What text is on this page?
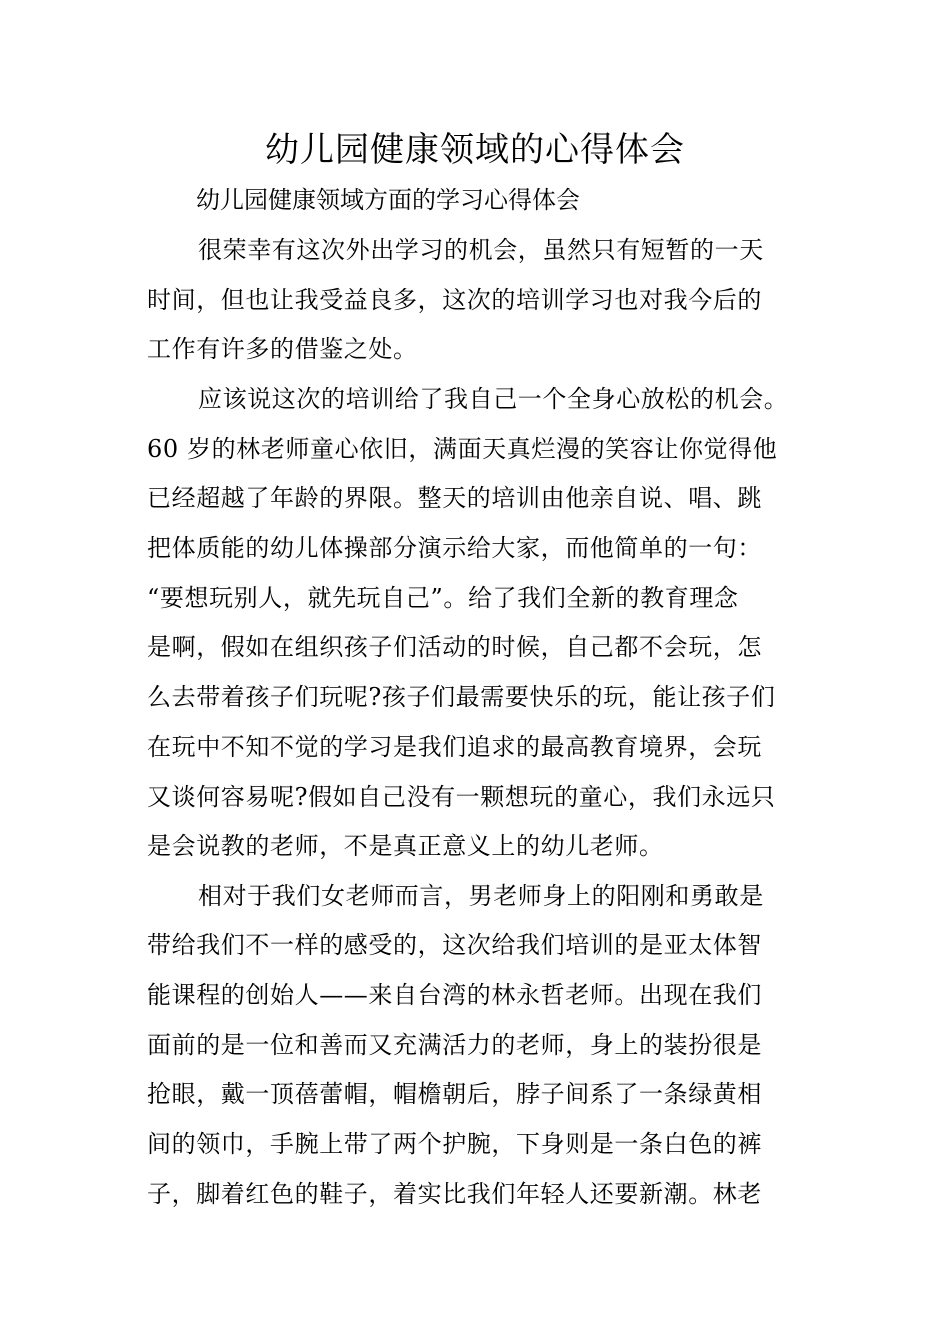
幼儿园健康领域的心得体会

幼儿园健康领域方面的学习心得体会

很荣幸有这次外出学习的机会，虽然只有短暂的一天

时间，但也让我受益良多，这次的培训学习也对我今后的

工作有许多的借鉴之处。

应该说这次的培训给了我自己一个全身心放松的机会。

60 岁的林老师童心依旧，满面天真烂漫的笑容让你觉得他

已经超越了年龄的界限。整天的培训由他亲自说、唱、跳

把体质能的幼儿体操部分演示给大家，而他简单的一句：

“要想玩别人，就先玩自己”。给了我们全新的教育理念

是啊，假如在组织孩子们活动的时候，自己都不会玩，怎

么去带着孩子们玩呢?孩子们最需要快乐的玩，能让孩子们

在玩中不知不觉的学习是我们追求的最高教育境界，会玩

又谈何容易呢?假如自己没有一颗想玩的童心，我们永远只

是会说教的老师，不是真正意义上的幼儿老师。

相对于我们女老师而言，男老师身上的阳刚和勇敢是

带给我们不一样的感受的，这次给我们培训的是亚太体智

能课程的创始人——来自台湾的林永哲老师。出现在我们

面前的是一位和善而又充满活力的老师，身上的装扮很是

抢眼，戴一顶蓓蕾帽，帽檐朝后，脖子间系了一条绿黄相

间的领巾，手腕上带了两个护腕，下身则是一条白色的裤

子，脚着红色的鞋子，着实比我们年轻人还要新潮。林老
